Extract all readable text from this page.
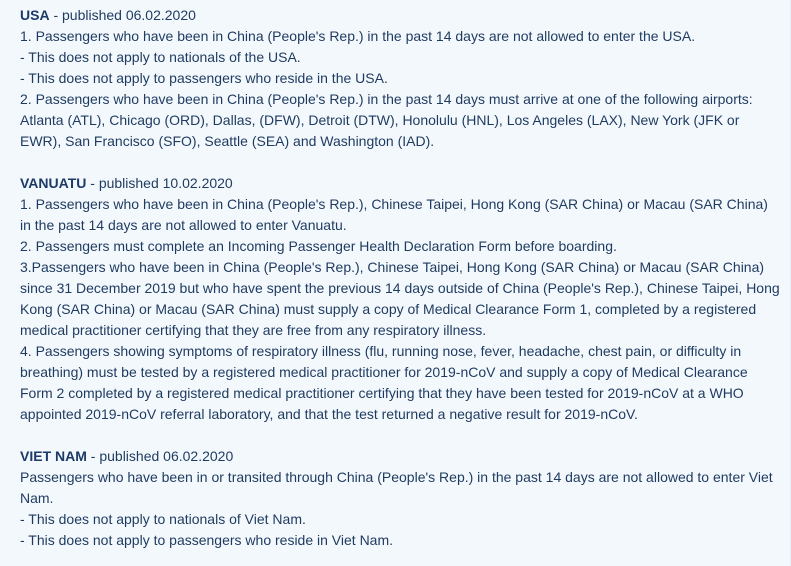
USA - published 06.02.2020

1. Passengers who have been in China (People's Rep.) in the past 14 days are not allowed to enter the USA.

- This does not apply to nationals of the USA.

- This does not apply to passengers who reside in the USA.

2. Passengers who have been in China (People's Rep.) in the past 14 days must arrive at one of the following airports: Atlanta (ATL), Chicago (ORD), Dallas, (DFW), Detroit (DTW), Honolulu (HNL), Los Angeles (LAX), New York (JFK or EWR), San Francisco (SFO), Seattle (SEA) and Washington (IAD).

VANUATU - published 10.02.2020

1. Passengers who have been in China (People's Rep.), Chinese Taipei, Hong Kong (SAR China) or Macau (SAR China) in the past 14 days are not allowed to enter Vanuatu.

2. Passengers must complete an Incoming Passenger Health Declaration Form before boarding.

3.Passengers who have been in China (People's Rep.), Chinese Taipei, Hong Kong (SAR China) or Macau (SAR China) since 31 December 2019 but who have spent the previous 14 days outside of China (People's Rep.), Chinese Taipei, Hong Kong (SAR China) or Macau (SAR China) must supply a copy of Medical Clearance Form 1, completed by a registered medical practitioner certifying that they are free from any respiratory illness.

4. Passengers showing symptoms of respiratory illness (flu, running nose, fever, headache, chest pain, or difficulty in breathing) must be tested by a registered medical practitioner for 2019-nCoV and supply a copy of Medical Clearance Form 2 completed by a registered medical practitioner certifying that they have been tested for 2019-nCoV at a WHO appointed 2019-nCoV referral laboratory, and that the test returned a negative result for 2019-nCoV.

VIET NAM - published 06.02.2020

Passengers who have been in or transited through China (People's Rep.) in the past 14 days are not allowed to enter Viet Nam.

- This does not apply to nationals of Viet Nam.

- This does not apply to passengers who reside in Viet Nam.
